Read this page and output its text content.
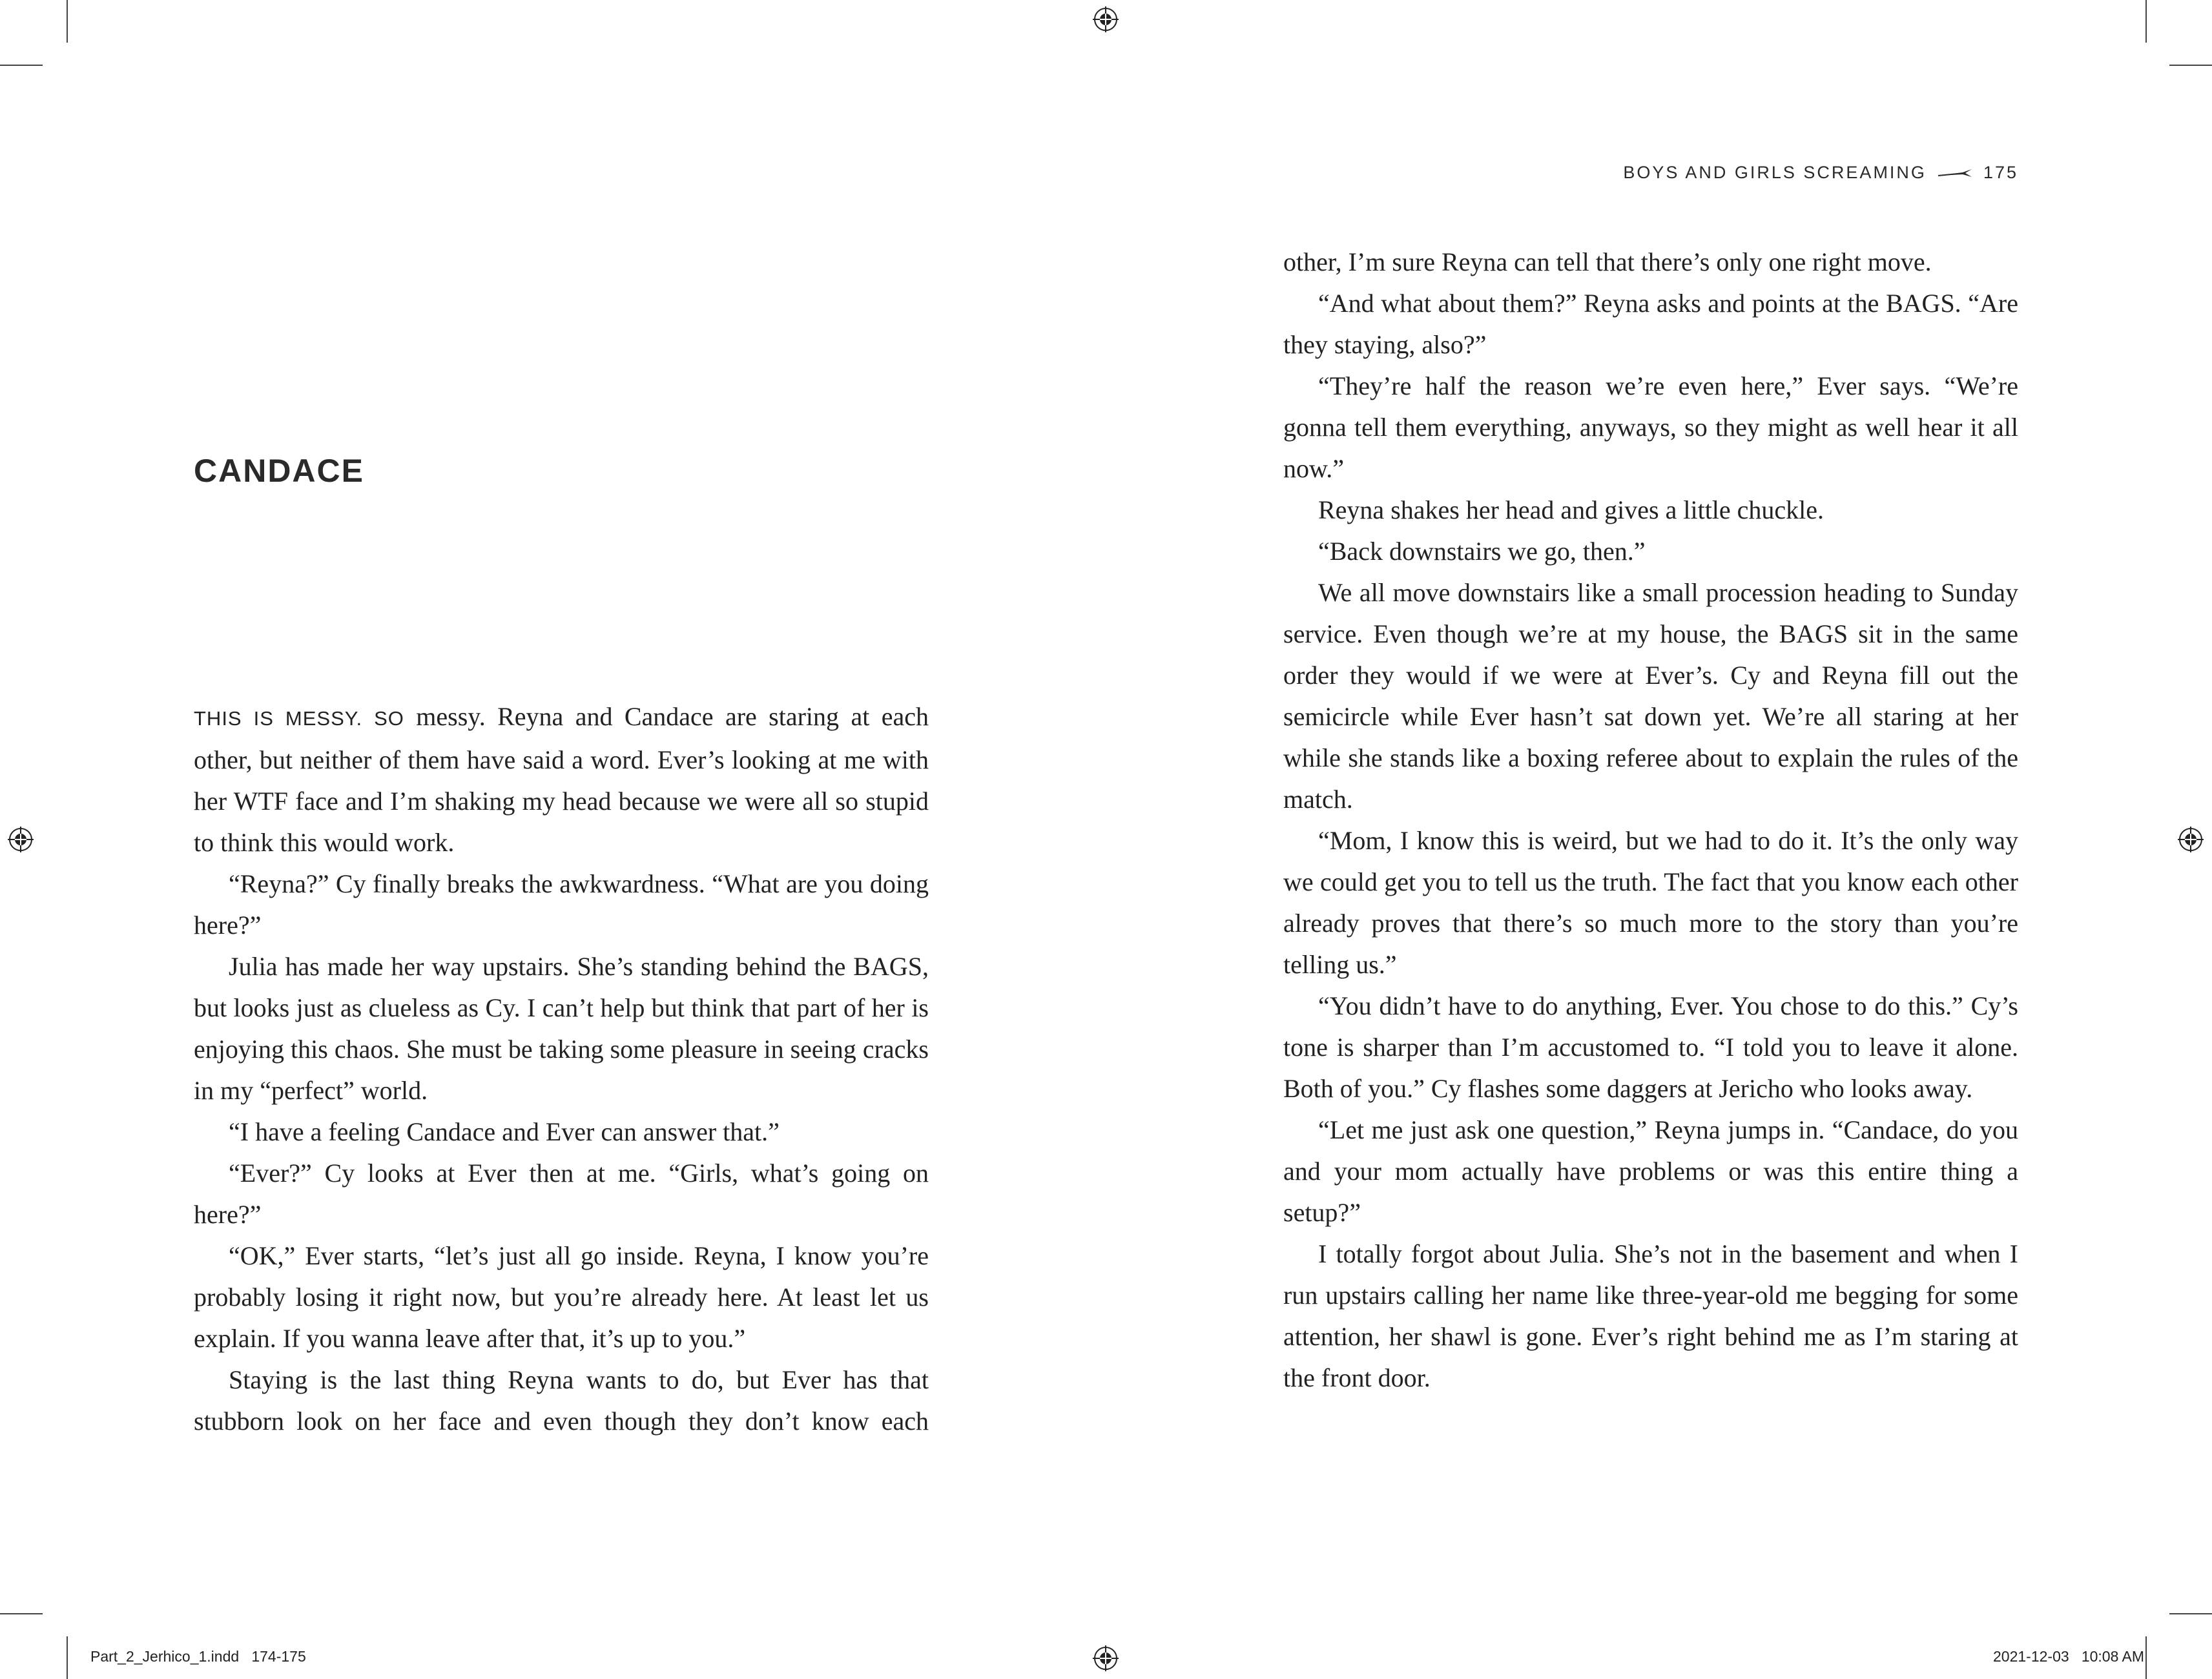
BOYS AND GIRLS SCREAMING	175
CANDACE

THIS IS MESSY. SO messy. Reyna and Candace are staring at each other, but neither of them have said a word. Ever’s looking at me with her WTF face and I’m shaking my head because we were all so stupid to think this would work.

“Reyna?” Cy finally breaks the awkwardness. “What are you doing here?”

Julia has made her way upstairs. She’s standing behind the BAGS, but looks just as clueless as Cy. I can’t help but think that part of her is enjoying this chaos. She must be taking some pleasure in seeing cracks in my “perfect” world.

“I have a feeling Candace and Ever can answer that.”

“Ever?” Cy looks at Ever then at me. “Girls, what’s going on here?”

“OK,” Ever starts, “let’s just all go inside. Reyna, I know you’re probably losing it right now, but you’re already here. At least let us explain. If you wanna leave after that, it’s up to you.”

Staying is the last thing Reyna wants to do, but Ever has that stubborn look on her face and even though they don’t know each

other, I’m sure Reyna can tell that there’s only one right move.

“And what about them?” Reyna asks and points at the BAGS. “Are they staying, also?”

“They’re half the reason we’re even here,” Ever says. “We’re gonna tell them everything, anyways, so they might as well hear it all now.”

Reyna shakes her head and gives a little chuckle.

“Back downstairs we go, then.”

We all move downstairs like a small procession heading to Sunday service. Even though we’re at my house, the BAGS sit in the same order they would if we were at Ever’s. Cy and Reyna fill out the semicircle while Ever hasn’t sat down yet. We’re all staring at her while she stands like a boxing referee about to explain the rules of the match.

“Mom, I know this is weird, but we had to do it. It’s the only way we could get you to tell us the truth. The fact that you know each other already proves that there’s so much more to the story than you’re telling us.”

“You didn’t have to do anything, Ever. You chose to do this.” Cy’s tone is sharper than I’m accustomed to. “I told you to leave it alone. Both of you.” Cy flashes some daggers at Jericho who looks away.

“Let me just ask one question,” Reyna jumps in. “Candace, do you and your mom actually have problems or was this entire thing a setup?”

I totally forgot about Julia. She’s not in the basement and when I run upstairs calling her name like three-year-old me begging for some attention, her shawl is gone. Ever’s right behind me as I’m staring at the front door.

Part_2_Jerhico_1.indd   174-175	2021-12-03   10:08 AM
